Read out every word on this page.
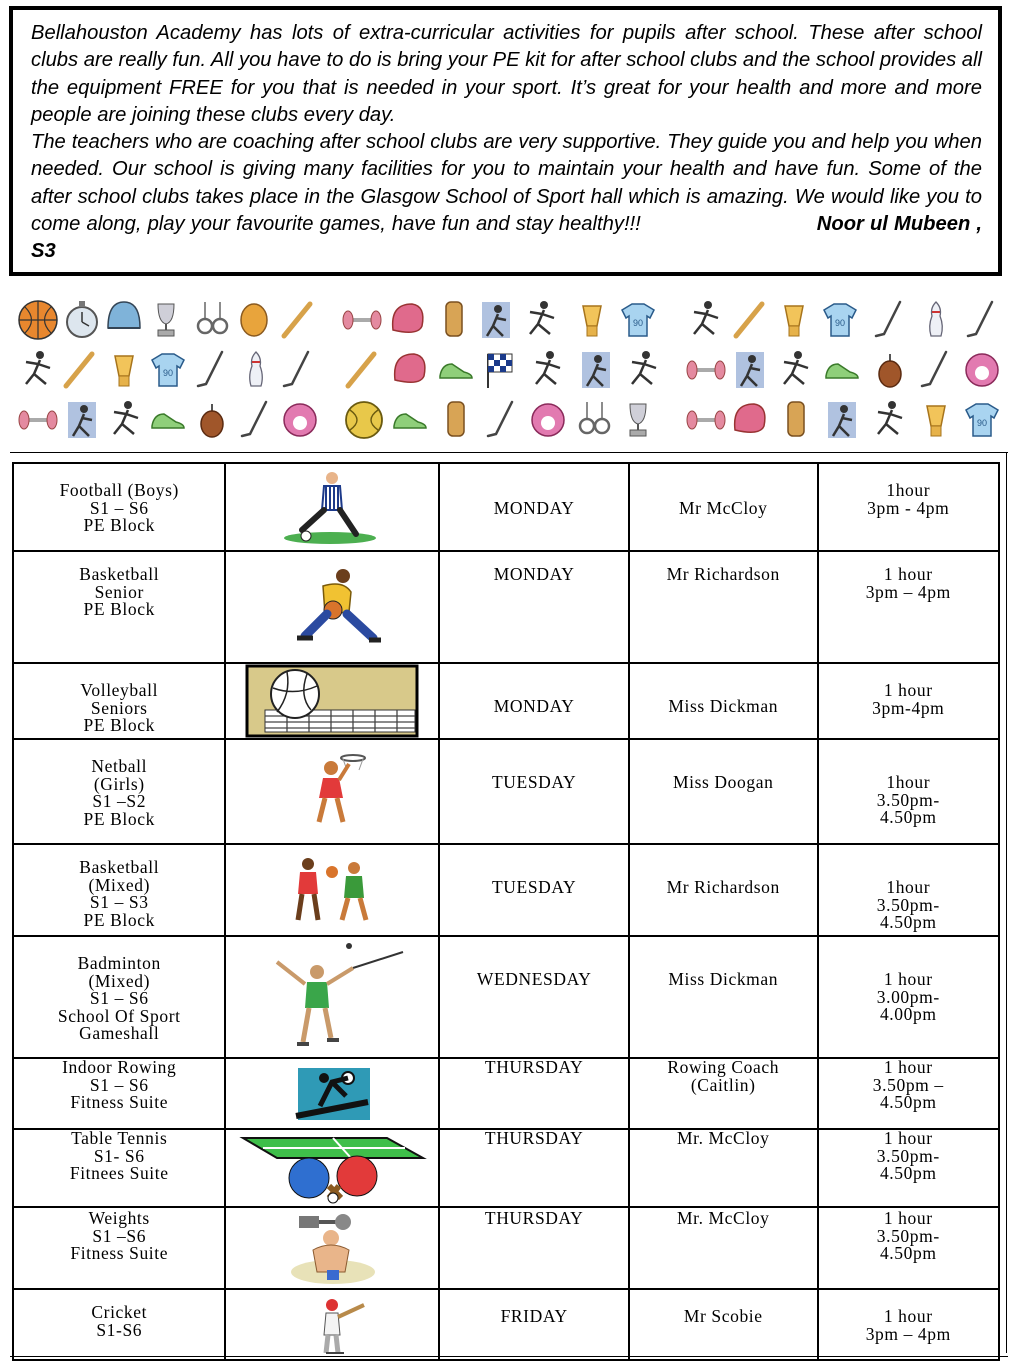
Bellahouston Academy has lots of extra-curricular activities for pupils after school. These after school clubs are really fun. All you have to do is bring your PE kit for after school clubs and the school provides all the equipment FREE for you that is needed in your sport. It’s great for your health and more and more people are joining these clubs every day.

The teachers who are coaching after school clubs are very supportive. They guide you and help you when needed. Our school is giving many facilities for you to maintain your health and have fun. Some of the after school clubs takes place in the Glasgow School of Sport hall which is amazing. We would like you to come along, play your favourite games, have fun and stay healthy!!!	Noor ul Mubeen , S3

90
Football (Boys)
S1 – S6
PE Block		MONDAY	Mr McCloy	1hour
3pm - 4pm

Basketball
Senior
PE Block		MONDAY	Mr Richardson	1 hour
3pm – 4pm

Volleyball
Seniors
PE Block		MONDAY	Miss Dickman	1 hour
3pm-4pm

Netball
(Girls)
S1 –S2
PE Block		TUESDAY	Miss Doogan	1hour
3.50pm-
4.50pm

Basketball
(Mixed)
S1 – S3
PE Block		TUESDAY	Mr Richardson	1hour
3.50pm-
4.50pm

Badminton
(Mixed)
S1 – S6
School Of Sport
Gameshall		WEDNESDAY	Miss Dickman	1 hour
3.00pm-
4.00pm

Indoor Rowing
S1 – S6
Fitness Suite		THURSDAY	Rowing Coach
(Caitlin)	1 hour
3.50pm –
4.50pm

Table Tennis
S1- S6
Fitnees Suite		THURSDAY	Mr. McCloy	1 hour
3.50pm-
4.50pm

Weights
S1 –S6
Fitness Suite		THURSDAY	Mr. McCloy	1 hour
3.50pm-
4.50pm

Cricket
S1-S6		FRIDAY	Mr Scobie	1 hour
3pm – 4pm
